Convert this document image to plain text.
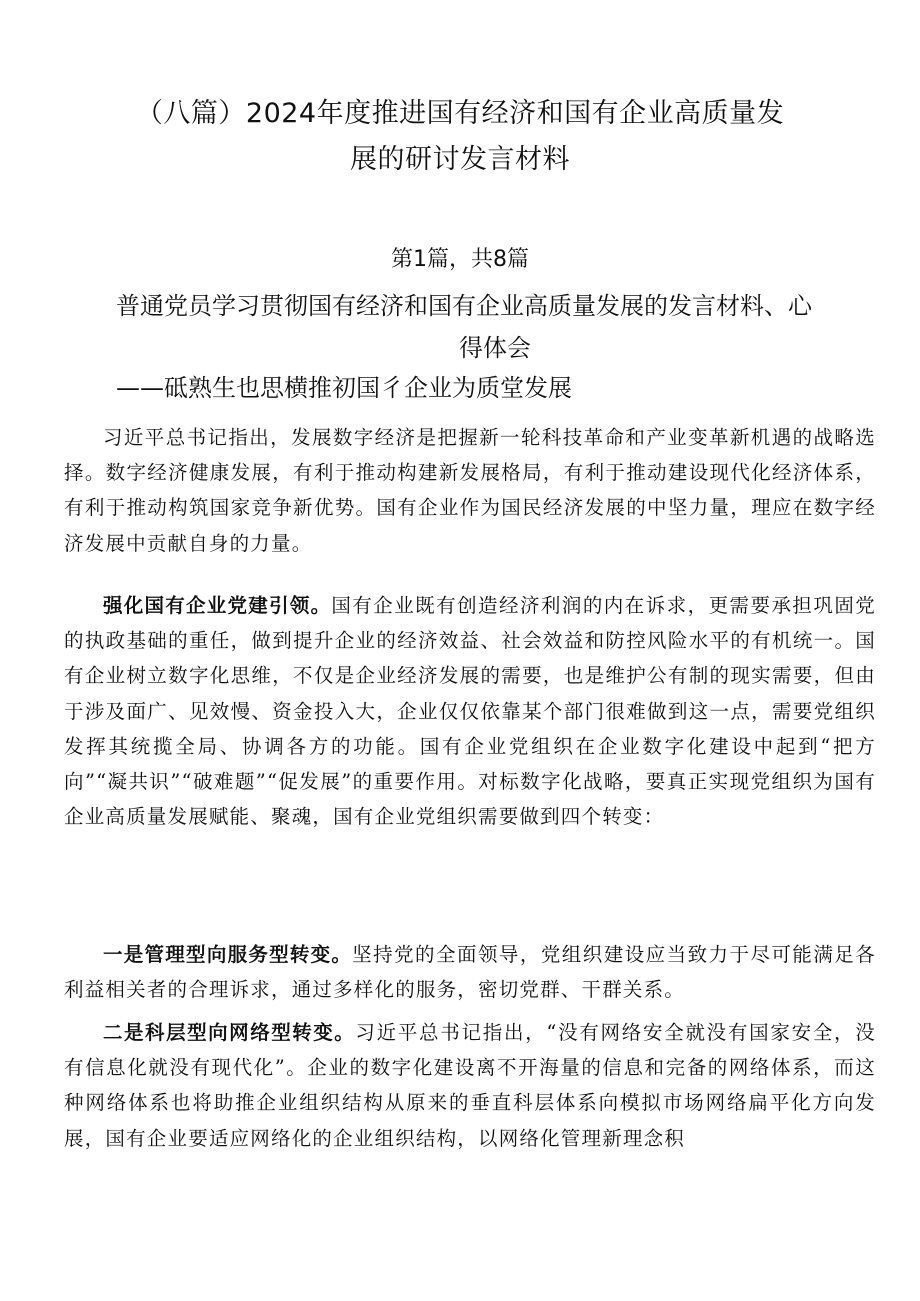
（八篇）2024年度推进国有经济和国有企业高质量发
展的研讨发言材料
第1篇，共8篇
普通党员学习贯彻国有经济和国有企业高质量发展的发言材料、心
得体会
——砥熟生也思横推初国彳企业为质堂发展

习近平总书记指出，发展数字经济是把握新一轮科技革命和产业变革新机遇的战略选择。数字经济健康发展，有利于推动构建新发展格局，有利于推动建设现代化经济体系，有利于推动构筑国家竞争新优势。国有企业作为国民经济发展的中坚力量，理应在数字经济发展中贡献自身的力量。

强化国有企业党建引领。国有企业既有创造经济利润的内在诉求，更需要承担巩固党的执政基础的重任，做到提升企业的经济效益、社会效益和防控风险水平的有机统一。国有企业树立数字化思维，不仅是企业经济发展的需要，也是维护公有制的现实需要，但由于涉及面广、见效慢、资金投入大，企业仅仅依靠某个部门很难做到这一点，需要党组织发挥其统揽全局、协调各方的功能。国有企业党组织在企业数字化建设中起到“把方向”“凝共识”“破难题”“促发展”的重要作用。对标数字化战略，要真正实现党组织为国有企业高质量发展赋能、聚魂，国有企业党组织需要做到四个转变：

一是管理型向服务型转变。坚持党的全面领导，党组织建设应当致力于尽可能满足各利益相关者的合理诉求，通过多样化的服务，密切党群、干群关系。

二是科层型向网络型转变。习近平总书记指出，“没有网络安全就没有国家安全，没有信息化就没有现代化”。企业的数字化建设离不开海量的信息和完备的网络体系，而这种网络体系也将助推企业组织结构从原来的垂直科层体系向模拟市场网络扁平化方向发展，国有企业要适应网络化的企业组织结构，以网络化管理新理念积
